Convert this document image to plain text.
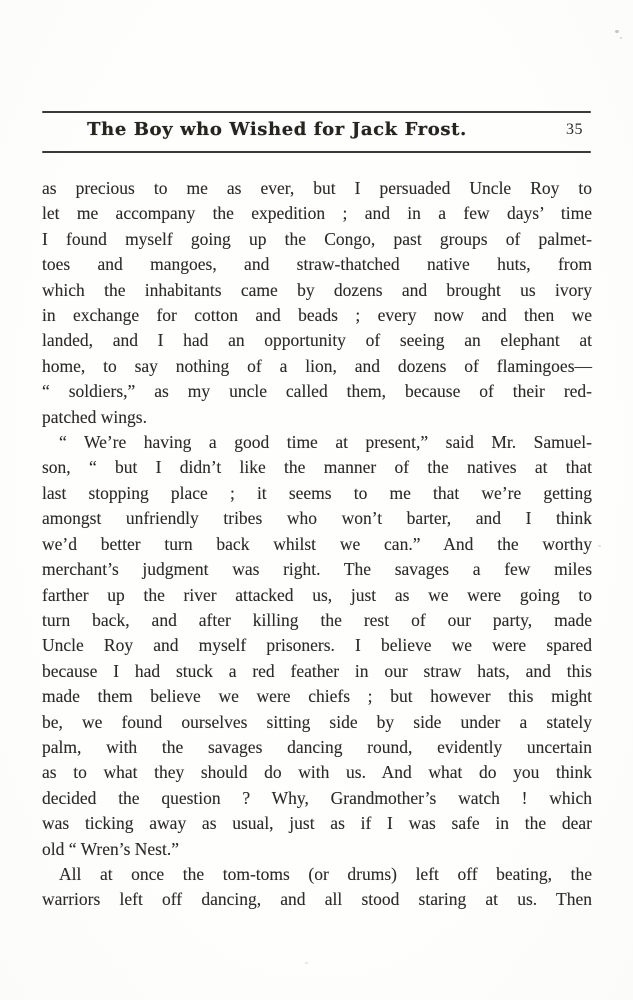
The Boy who Wished for Jack Frost.	35
as precious to me as ever, but I persuaded Uncle Roy to
let me accompany the expedition ; and in a few days’ time
I found myself going up the Congo, past groups of palmet-
toes and mangoes, and straw-thatched native huts, from
which the inhabitants came by dozens and brought us ivory
in exchange for cotton and beads ; every now and then we
landed, and I had an opportunity of seeing an elephant at
home, to say nothing of a lion, and dozens of flamingoes—
“ soldiers,” as my uncle called them, because of their red-
patched wings.
“ We’re having a good time at present,” said Mr. Samuel-
son, “ but I didn’t like the manner of the natives at that
last stopping place ; it seems to me that we’re getting
amongst unfriendly tribes who won’t barter, and I think
we’d better turn back whilst we can.” And the worthy
merchant’s judgment was right. The savages a few miles
farther up the river attacked us, just as we were going to
turn back, and after killing the rest of our party, made
Uncle Roy and myself prisoners. I believe we were spared
because I had stuck a red feather in our straw hats, and this
made them believe we were chiefs ; but however this might
be, we found ourselves sitting side by side under a stately
palm, with the savages dancing round, evidently uncertain
as to what they should do with us. And what do you think
decided the question ? Why, Grandmother’s watch ! which
was ticking away as usual, just as if I was safe in the dear
old “ Wren’s Nest.”
All at once the tom-toms (or drums) left off beating, the
warriors left off dancing, and all stood staring at us. Then
